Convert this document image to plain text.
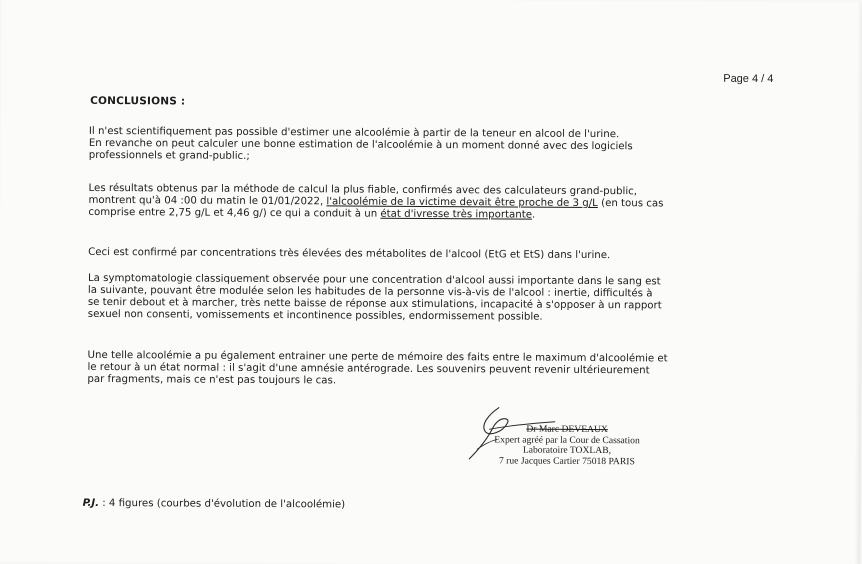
Page 4 / 4
CONCLUSIONS :
Il n'est scientifiquement pas possible d'estimer une alcoolémie à partir de la teneur en alcool de l'urine.
En revanche on peut calculer une bonne estimation de l'alcoolémie à un moment donné avec des logiciels
professionnels et grand-public.;
Les résultats obtenus par la méthode de calcul la plus fiable, confirmés avec des calculateurs grand-public,
montrent qu'à 04 :00 du matin le 01/01/2022, l'alcoolémie de la victime devait être proche de 3 g/L (en tous cas
comprise entre 2,75 g/L et 4,46 g/) ce qui a conduit à un état d'ivresse très importante.
Ceci est confirmé par concentrations très élevées des métabolites de l'alcool (EtG et EtS) dans l'urine.
La symptomatologie classiquement observée pour une concentration d'alcool aussi importante dans le sang est
la suivante, pouvant être modulée selon les habitudes de la personne vis-à-vis de l'alcool : inertie, difficultés à
se tenir debout et à marcher, très nette baisse de réponse aux stimulations, incapacité à s'opposer à un rapport
sexuel non consenti, vomissements et incontinence possibles, endormissement possible.
Une telle alcoolémie a pu également entrainer une perte de mémoire des faits entre le maximum d'alcoolémie et
le retour à un état normal : il s'agit d'une amnésie antérograde. Les souvenirs peuvent revenir ultérieurement
par fragments, mais ce n'est pas toujours le cas.
Dr Marc DEVEAUX
Expert agréé par la Cour de Cassation
Laboratoire TOXLAB,
7 rue Jacques Cartier 75018 PARIS
P.J. : 4 figures (courbes d'évolution de l'alcoolémie)
